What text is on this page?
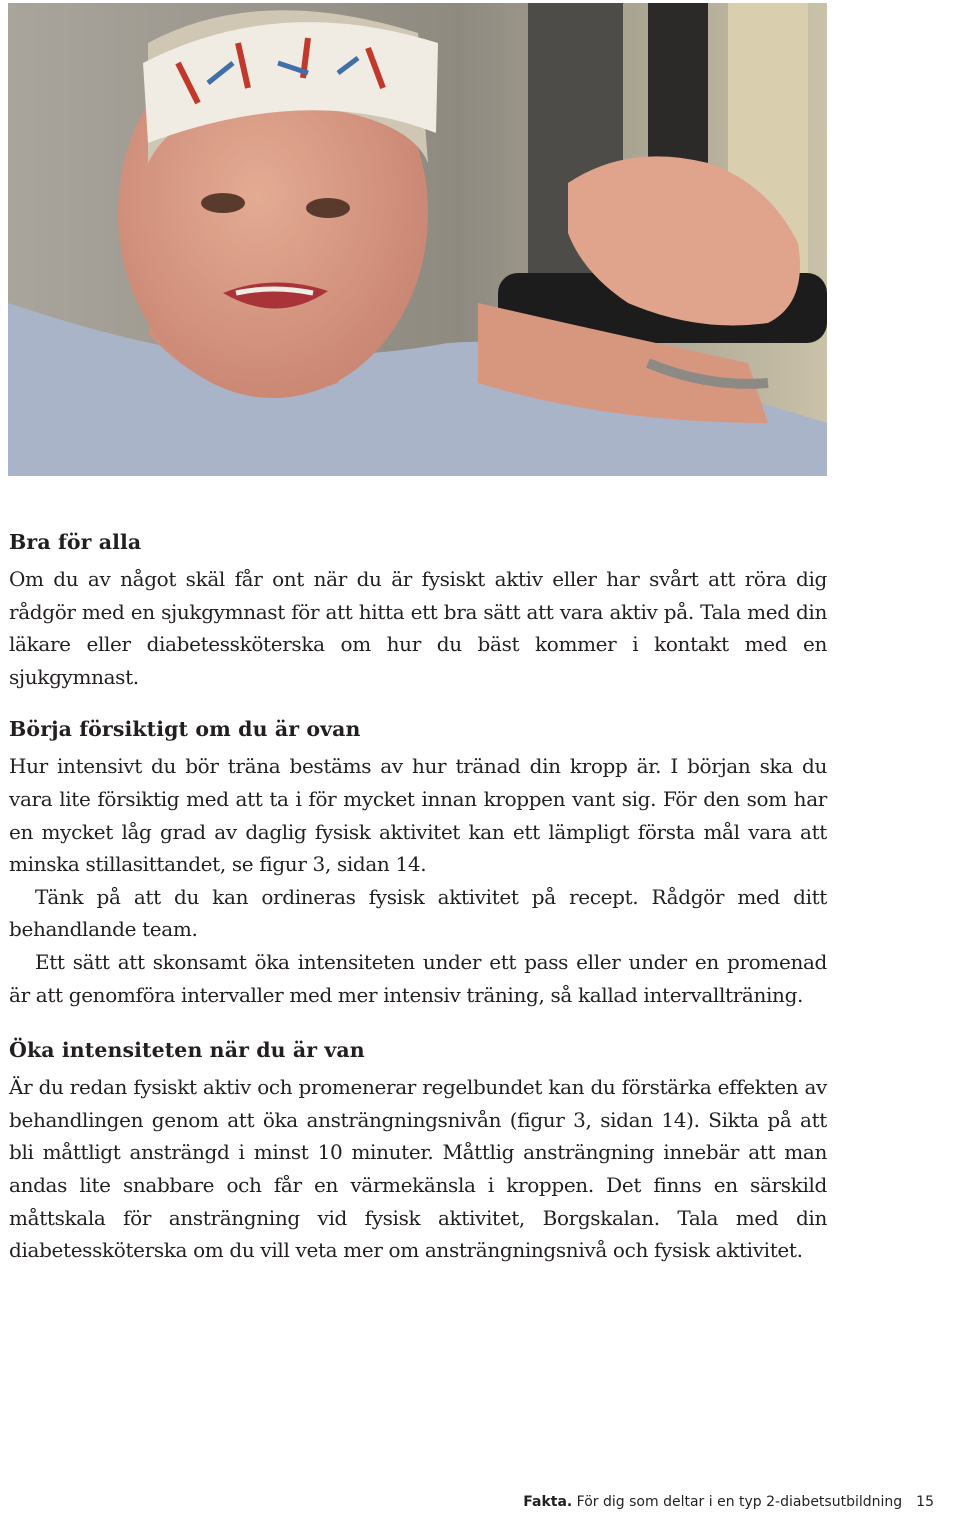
Bra för alla

Om du av något skäl får ont när du är fysiskt aktiv eller har svårt att röra dig rådgör med en sjukgymnast för att hitta ett bra sätt att vara aktiv på. Tala med din läkare eller diabetessköterska om hur du bäst kommer i kontakt med en sjukgymnast.

Börja försiktigt om du är ovan

Hur intensivt du bör träna bestäms av hur tränad din kropp är. I början ska du vara lite försiktig med att ta i för mycket innan kroppen vant sig. För den som har en mycket låg grad av daglig fysisk aktivitet kan ett lämpligt första mål vara att minska stillasittandet, se figur 3, sidan 14.

Tänk på att du kan ordineras fysisk aktivitet på recept. Rådgör med ditt behandlande team.

Ett sätt att skonsamt öka intensiteten under ett pass eller under en promenad är att genomföra intervaller med mer intensiv träning, så kallad intervallträning.

Öka intensiteten när du är van

Är du redan fysiskt aktiv och promenerar regelbundet kan du förstärka effekten av behandlingen genom att öka ansträngningsnivån (figur 3, sidan 14). Sikta på att bli måttligt ansträngd i minst 10 minuter. Måttlig ansträngning innebär att man andas lite snabbare och får en värmekänsla i kroppen. Det finns en särskild måttskala för ansträngning vid fysisk aktivitet, Borgskalan. Tala med din diabetessköterska om du vill veta mer om ansträngningsnivå och fysisk aktivitet.

Fakta. För dig som deltar i en typ 2-diabetsutbildning 15
